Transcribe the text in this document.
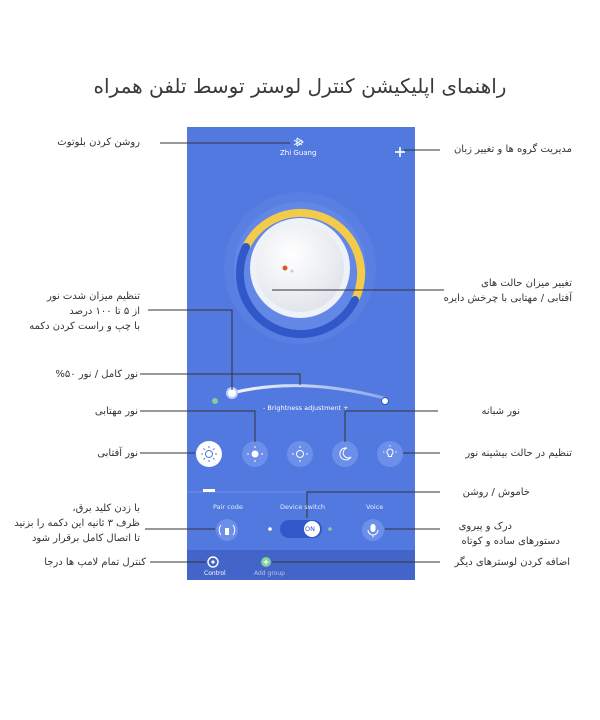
راهنمای اپلیکیشن کنترل لوستر توسط تلفن همراه
Zhi Guang
- Brightness adjustment +
Pair code	Device switch	Voice
ON
Control	Add group
روشن کردن بلوتوث
تنظیم میزان شدت نور
از ۵ تا ۱۰۰ درصد
با چپ و راست کردن دکمه
نور کامل / نور ۵۰%
نور مهتابی
نور آفتابی
با زدن کلید برق،
ظرف ۳ ثانیه این دکمه را بزنید
تا اتصال کامل برقرار شود
کنترل تمام لامپ ها درجا
مدیریت گروه ها و تغییر زبان
تغییر میزان حالت های
آفتابی / مهتابی با چرخش دایره
نور شبانه
تنظیم در حالت بیشینه نور
خاموش / روشن
درک و پیروی
دستورهای ساده و کوتاه
اضافه کردن لوسترهای دیگر
